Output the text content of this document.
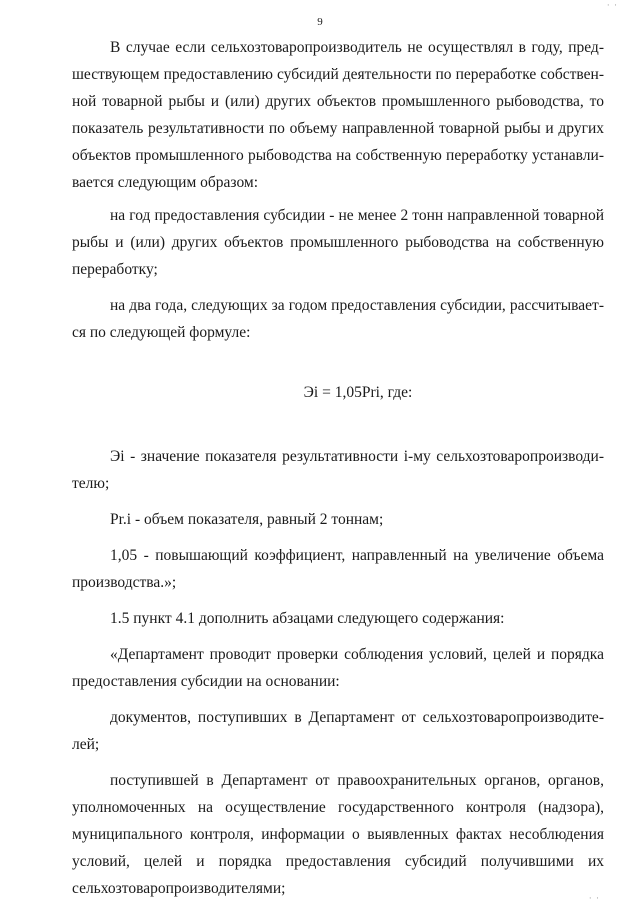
· ·
9

В случае если сельхозтоваропроизводитель не осуществлял в году, предшествующем предоставлению субсидий деятельности по переработке собственной товарной рыбы и (или) других объектов промышленного рыбоводства, то показатель результативности по объему направленной товарной рыбы и других объектов промышленного рыбоводства на собственную переработку устанавливается следующим образом:

на год предоставления субсидии - не менее 2 тонн направленной товарной рыбы и (или) других объектов промышленного рыбоводства на собственную переработку;

на два года, следующих за годом предоставления субсидии, рассчитывается по следующей формуле:

Эi = 1,05Pri, где:

Эi - значение показателя результативности i-му сельхозтоваропроизводителю;

Pr.i - объем показателя, равный 2 тоннам;

1,05 - повышающий коэффициент, направленный на увеличение объема производства.»;

1.5 пункт 4.1 дополнить абзацами следующего содержания:

«Департамент проводит проверки соблюдения условий, целей и порядка предоставления субсидии на основании:

документов, поступивших в Департамент от сельхозтоваропроизводителей;

поступившей в Департамент от правоохранительных органов, органов, уполномоченных на осуществление государственного контроля (надзора), муниципального контроля, информации о выявленных фактах несоблюдения условий, целей и порядка предоставления субсидий получившими их сельхозтоваропроизводителями;

· ·
